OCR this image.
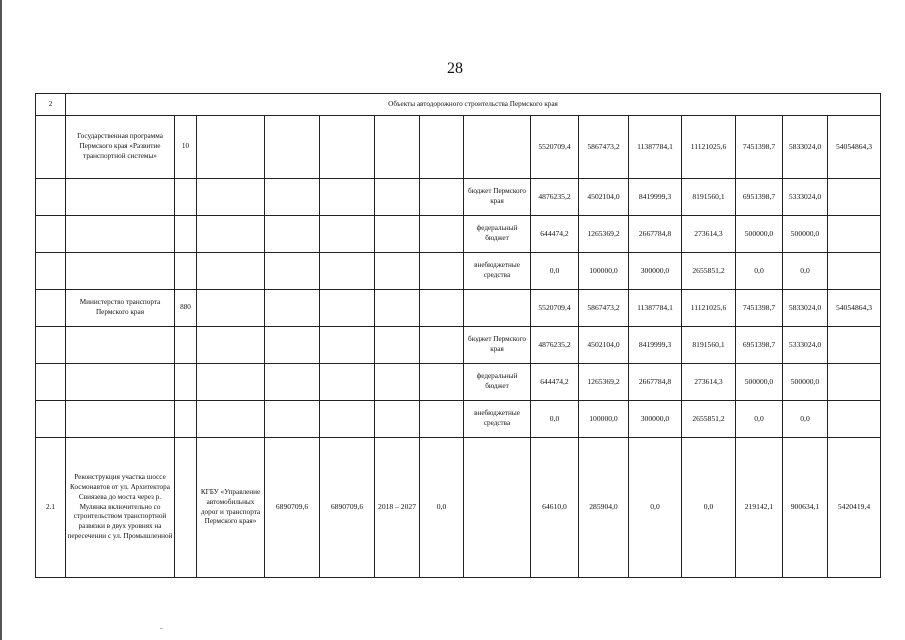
28
2	Объекты автодорожного строительства Пермского края														
	Государственная программа Пермского края «Развитие транспортной системы»	10							5520709,4	5867473,2	11387784,1	11121025,6	7451398,7	5833024,0	54054864,3
								бюджет Пермского края	4876235,2	4502104,0	8419999,3	8191560,1	6951398,7	5333024,0	
								федеральный бюджет	644474,2	1265369,2	2667784,8	273614,3	500000,0	500000,0	
								внебюджетные средства	0,0	100000,0	300000,0	2655851,2	0,0	0,0	
	Министерство транспорта Пермского края	880							5520709,4	5867473,2	11387784,1	11121025,6	7451398,7	5833024,0	54054864,3
								бюджет Пермского края	4876235,2	4502104,0	8419999,3	8191560,1	6951398,7	5333024,0	
								федеральный бюджет	644474,2	1265369,2	2667784,8	273614,3	500000,0	500000,0	
								внебюджетные средства	0,0	100000,0	300000,0	2655851,2	0,0	0,0	
2.1	Реконструкция участка шоссе Космонавтов от ул. Архитектора Свиязева до моста через р. Мулянка включительно со строительством транспортной развязки в двух уровнях на пересечении с ул. Промышленной		КГБУ «Управление автомобильных дорог и транспорта Пермского края»	6890709,6	6890709,6	2018 – 2027	0,0		64610,0	285904,0	0,0	0,0	219142,1	900634,1	5420419,4
